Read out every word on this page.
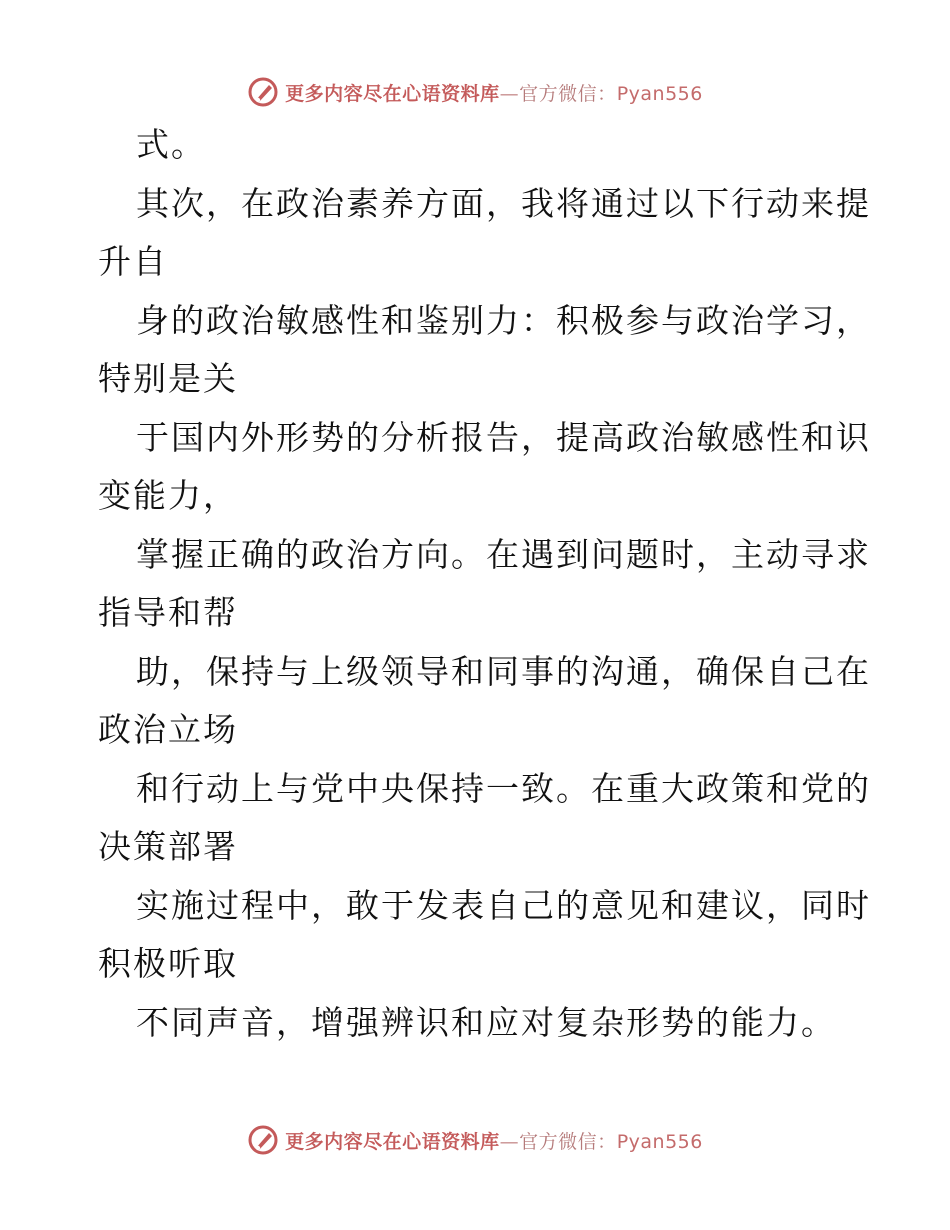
更多内容尽在心语资料库—官方微信：Pyan556
式。
其次，在政治素养方面，我将通过以下行动来提
升自
身的政治敏感性和鉴别力：积极参与政治学习，
特别是关
于国内外形势的分析报告，提高政治敏感性和识
变能力，
掌握正确的政治方向。在遇到问题时，主动寻求
指导和帮
助，保持与上级领导和同事的沟通，确保自己在
政治立场
和行动上与党中央保持一致。在重大政策和党的
决策部署
实施过程中，敢于发表自己的意见和建议，同时
积极听取
不同声音，增强辨识和应对复杂形势的能力。
更多内容尽在心语资料库—官方微信：Pyan556
